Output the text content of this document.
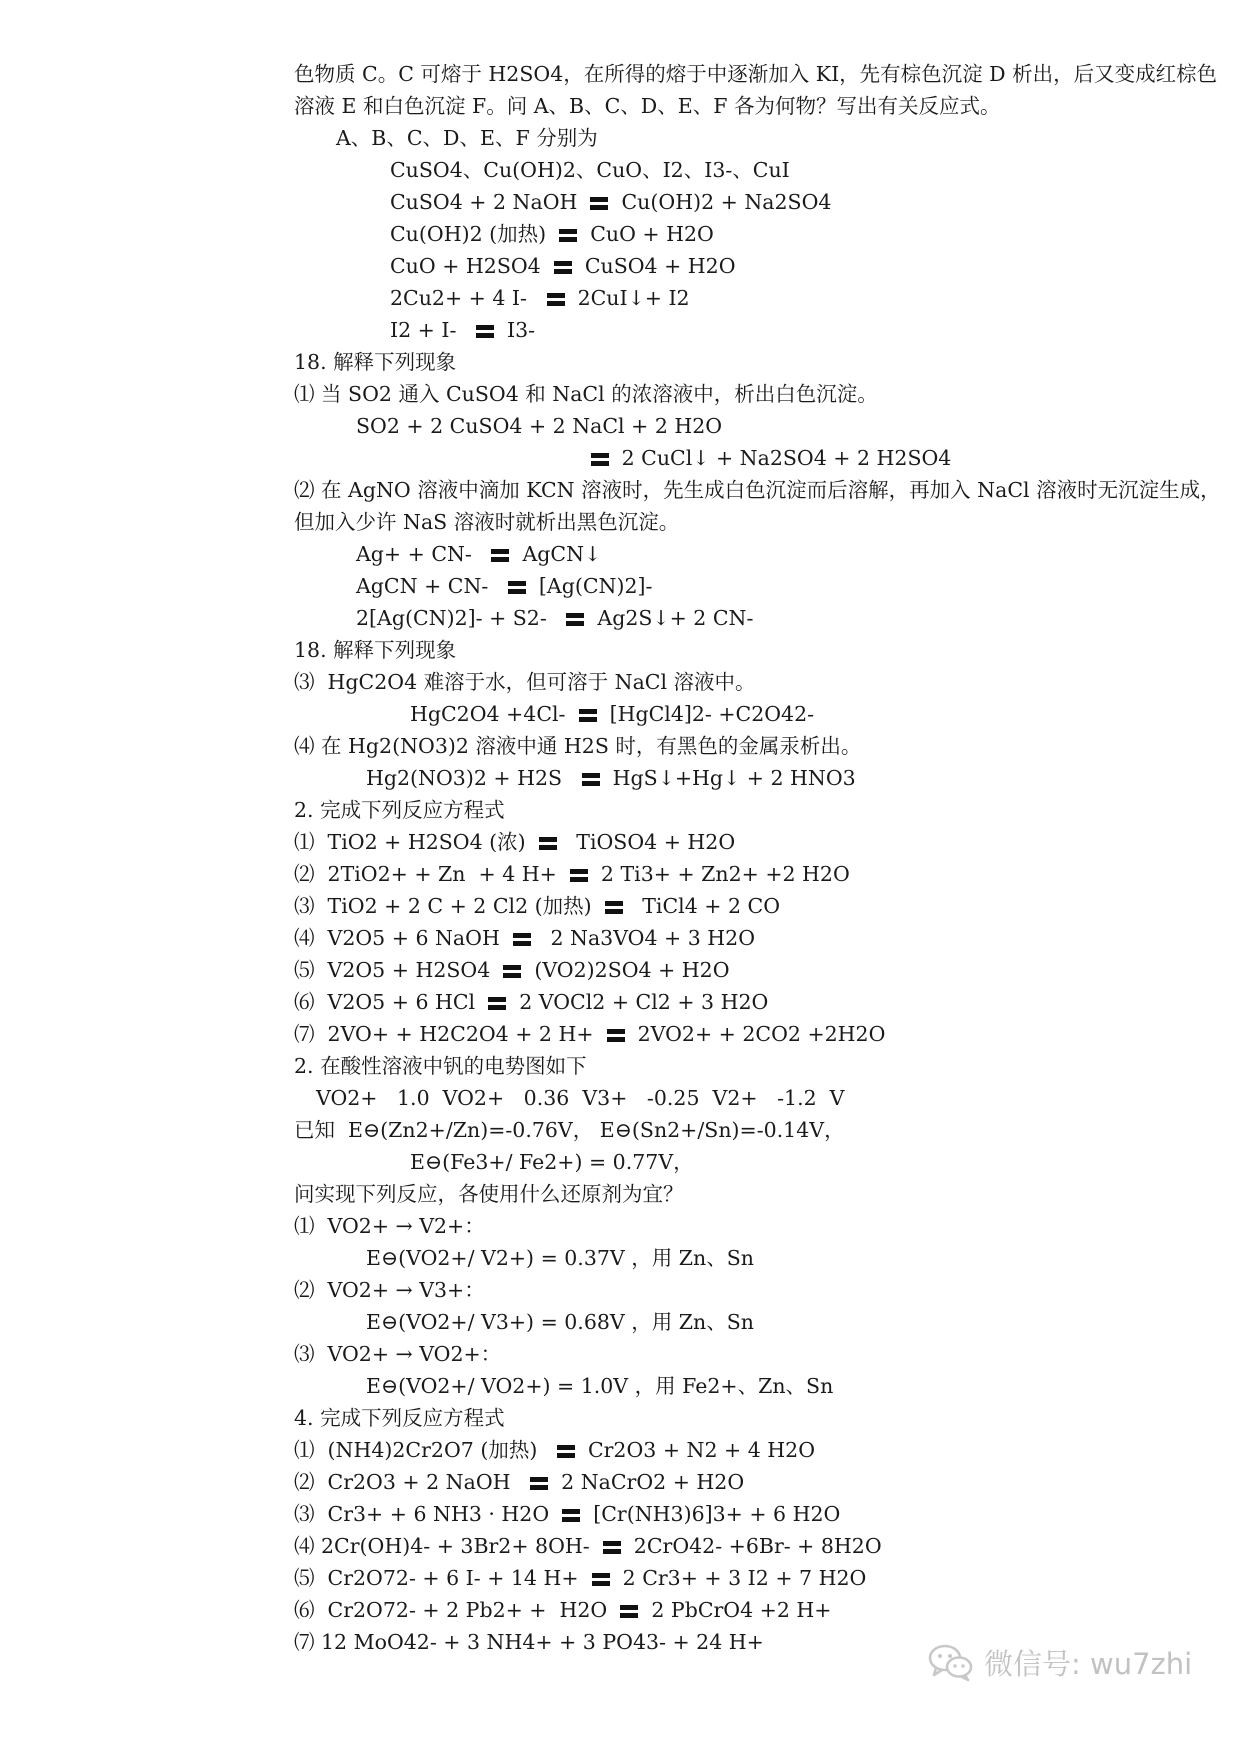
色物质 C。C 可熔于 H2SO4，在所得的熔于中逐渐加入 KI，先有棕色沉淀 D 析出，后又变成红棕色
溶液 E 和白色沉淀 F。问 A、B、C、D、E、F 各为何物？写出有关反应式。
A、B、C、D、E、F 分别为
CuSO4、Cu(OH)2、CuO、I2、I3-、CuI
CuSO4 + 2 NaOH    Cu(OH)2 + Na2SO4
Cu(OH)2 (加热)    CuO + H2O
CuO + H2SO4    CuSO4 + H2O
2Cu2+ + 4 I-     2CuI↓+ I2
I2 + I-     I3-
18. 解释下列现象
⑴ 当 SO2 通入 CuSO4 和 NaCl 的浓溶液中，析出白色沉淀。
SO2 + 2 CuSO4 + 2 NaCl + 2 H2O
2 CuCl↓ + Na2SO4 + 2 H2SO4
⑵ 在 AgNO 溶液中滴加 KCN 溶液时，先生成白色沉淀而后溶解，再加入 NaCl 溶液时无沉淀生成，
但加入少许 NaS 溶液时就析出黑色沉淀。
Ag+ + CN-     AgCN↓
AgCN + CN-     [Ag(CN)2]-
2[Ag(CN)2]- + S2-     Ag2S↓+ 2 CN-
18. 解释下列现象
⑶  HgC2O4 难溶于水，但可溶于 NaCl 溶液中。
HgC2O4 +4Cl-    [HgCl4]2- +C2O42-
⑷ 在 Hg2(NO3)2 溶液中通 H2S 时，有黑色的金属汞析出。
Hg2(NO3)2 + H2S     HgS↓+Hg↓ + 2 HNO3
2. 完成下列反应方程式
⑴  TiO2 + H2SO4 (浓)     TiOSO4 + H2O
⑵  2TiO2+ + Zn  + 4 H+    2 Ti3+ + Zn2+ +2 H2O
⑶  TiO2 + 2 C + 2 Cl2 (加热)     TiCl4 + 2 CO
⑷  V2O5 + 6 NaOH     2 Na3VO4 + 3 H2O
⑸  V2O5 + H2SO4    (VO2)2SO4 + H2O
⑹  V2O5 + 6 HCl    2 VOCl2 + Cl2 + 3 H2O
⑺  2VO+ + H2C2O4 + 2 H+    2VO2+ + 2CO2 +2H2O
2. 在酸性溶液中钒的电势图如下
VO2+   1.0  VO2+   0.36  V3+   -0.25  V2+   -1.2  V
已知  E⊖(Zn2+/Zn)=-0.76V， E⊖(Sn2+/Sn)=-0.14V，
E⊖(Fe3+/ Fe2+) = 0.77V，
问实现下列反应，各使用什么还原剂为宜？
⑴  VO2+ → V2+：
E⊖(VO2+/ V2+) = 0.37V ，用 Zn、Sn
⑵  VO2+ → V3+：
E⊖(VO2+/ V3+) = 0.68V ，用 Zn、Sn
⑶  VO2+ → VO2+：
E⊖(VO2+/ VO2+) = 1.0V ，用 Fe2+、Zn、Sn
4. 完成下列反应方程式
⑴  (NH4)2Cr2O7 (加热)     Cr2O3 + N2 + 4 H2O
⑵  Cr2O3 + 2 NaOH     2 NaCrO2 + H2O
⑶  Cr3+ + 6 NH3 · H2O    [Cr(NH3)6]3+ + 6 H2O
⑷ 2Cr(OH)4- + 3Br2+ 8OH-    2CrO42- +6Br- + 8H2O
⑸  Cr2O72- + 6 I- + 14 H+    2 Cr3+ + 3 I2 + 7 H2O
⑹  Cr2O72- + 2 Pb2+ +  H2O    2 PbCrO4 +2 H+
⑺ 12 MoO42- + 3 NH4+ + 3 PO43- + 24 H+
微信号: wu7zhi
